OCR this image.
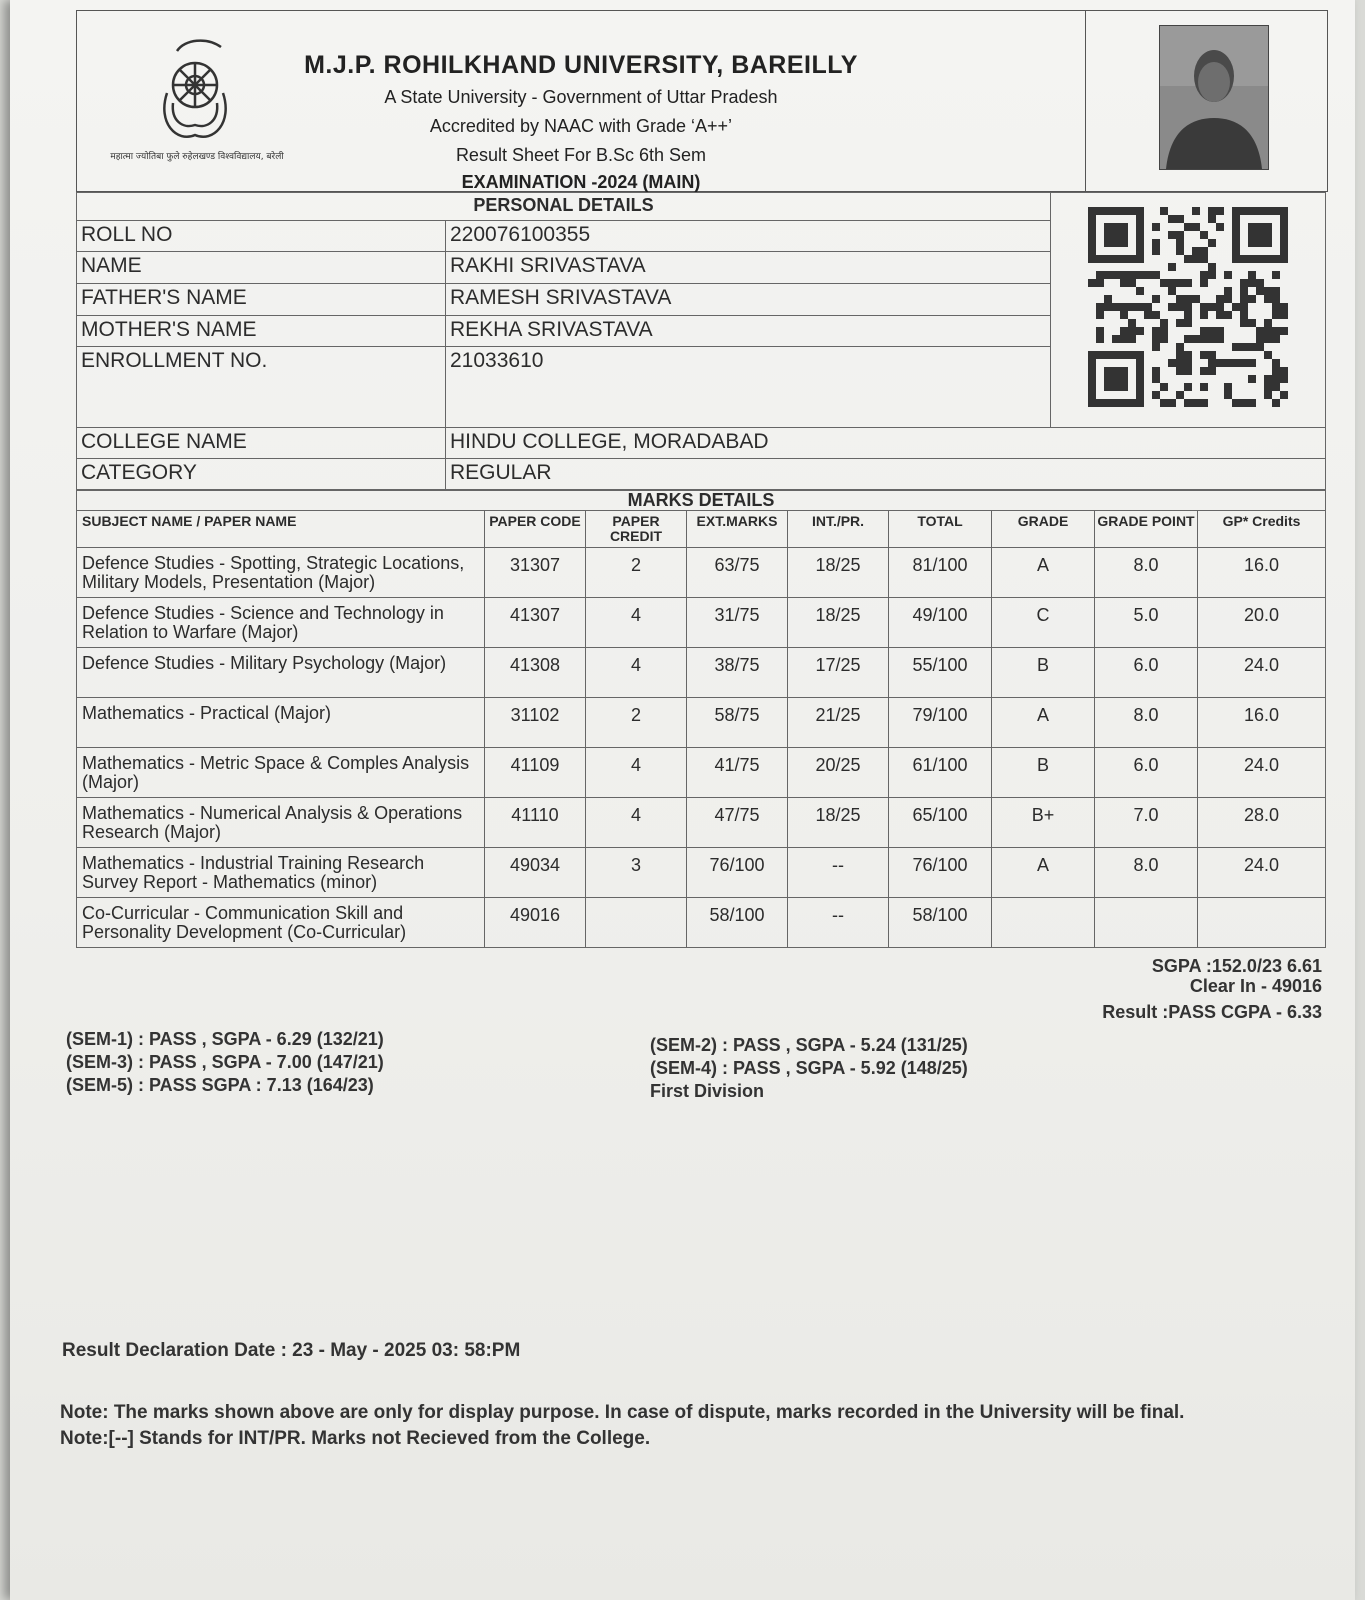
महात्मा ज्योतिबा फुले रुहेलखण्ड विश्वविद्यालय, बरेली
M.J.P. ROHILKHAND UNIVERSITY, BAREILLY
A State University - Government of Uttar Pradesh
Accredited by NAAC with Grade ‘A++’
Result Sheet For B.Sc 6th Sem
EXAMINATION -2024 (MAIN)
PERSONAL DETAILS	
ROLL NO	220076100355	
NAME	RAKHI SRIVASTAVA	
FATHER'S NAME	RAMESH SRIVASTAVA	
MOTHER'S NAME	REKHA SRIVASTAVA	
ENROLLMENT NO.	21033610	
COLLEGE NAME	HINDU COLLEGE, MORADABAD	
CATEGORY	REGULAR	
MARKS DETAILS								
SUBJECT NAME / PAPER NAME	PAPER CODE	PAPER CREDIT	EXT.MARKS	INT./PR.	TOTAL	GRADE	GRADE POINT	GP* Credits
Defence Studies - Spotting, Strategic Locations, Military Models, Presentation (Major)	31307	2	63/75	18/25	81/100	A	8.0	16.0
Defence Studies - Science and Technology in Relation to Warfare (Major)	41307	4	31/75	18/25	49/100	C	5.0	20.0
Defence Studies - Military Psychology (Major)	41308	4	38/75	17/25	55/100	B	6.0	24.0
Mathematics - Practical (Major)	31102	2	58/75	21/25	79/100	A	8.0	16.0
Mathematics - Metric Space & Comples Analysis (Major)	41109	4	41/75	20/25	61/100	B	6.0	24.0
Mathematics - Numerical Analysis & Operations Research (Major)	41110	4	47/75	18/25	65/100	B+	7.0	28.0
Mathematics - Industrial Training Research Survey Report - Mathematics (minor)	49034	3	76/100	--	76/100	A	8.0	24.0
Co-Curricular - Communication Skill and Personality Development (Co-Curricular)	49016		58/100	--	58/100			
SGPA :152.0/23 6.61
Clear In - 49016
Result :PASS CGPA - 6.33
(SEM-1) : PASS , SGPA - 6.29 (132/21)
(SEM-3) : PASS , SGPA - 7.00 (147/21)
(SEM-5) : PASS SGPA : 7.13 (164/23)
(SEM-2) : PASS , SGPA - 5.24 (131/25)
(SEM-4) : PASS , SGPA - 5.92 (148/25)
First Division
Result Declaration Date : 23 - May - 2025 03: 58:PM
Note: The marks shown above are only for display purpose. In case of dispute, marks recorded in the University will be final.
Note:[--] Stands for INT/PR. Marks not Recieved from the College.
